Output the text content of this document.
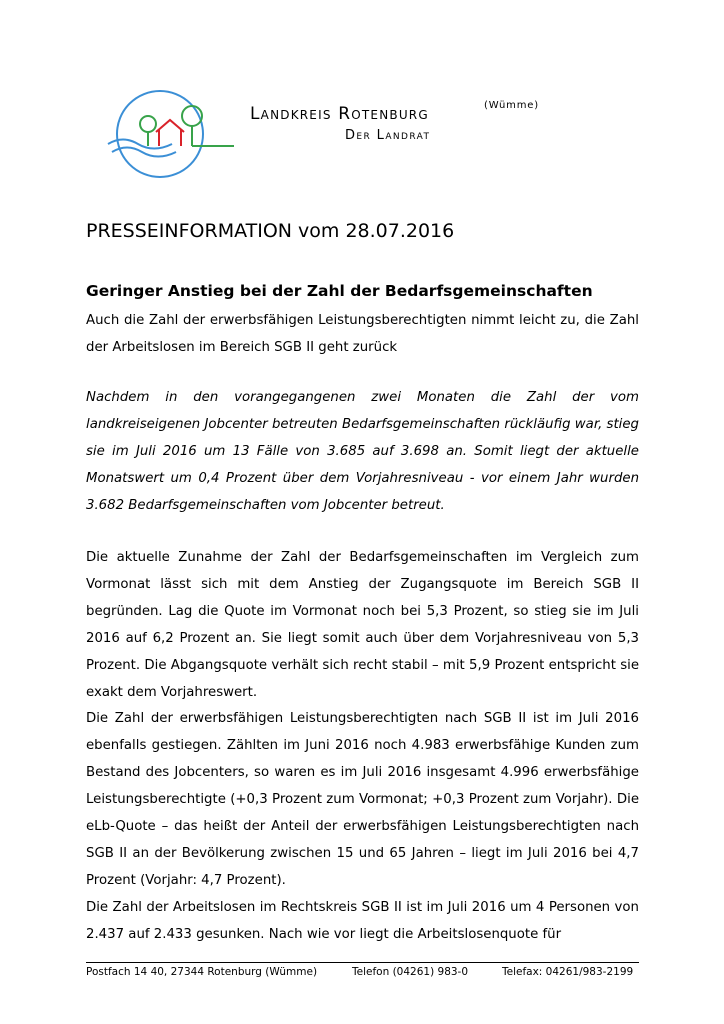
Landkreis Rotenburg	(Wümme)
Der Landrat
PRESSEINFORMATION vom 28.07.2016
Geringer Anstieg bei der Zahl der Bedarfsgemeinschaften
Auch die Zahl der erwerbsfähigen Leistungsberechtigten nimmt leicht zu, die Zahl der Arbeitslosen im Bereich SGB II geht zurück
Nachdem in den vorangegangenen zwei Monaten die Zahl der vom landkreiseigenen Jobcenter betreuten Bedarfsgemeinschaften rückläufig war, stieg sie im Juli 2016 um 13 Fälle von 3.685 auf 3.698 an. Somit liegt der aktuelle Monatswert um 0,4 Prozent über dem Vorjahresniveau - vor einem Jahr wurden 3.682 Bedarfsgemeinschaften vom Jobcenter betreut.

Die aktuelle Zunahme der Zahl der Bedarfsgemeinschaften im Vergleich zum Vormonat lässt sich mit dem Anstieg der Zugangsquote im Bereich SGB II begründen. Lag die Quote im Vormonat noch bei 5,3 Prozent, so stieg sie im Juli 2016 auf 6,2 Prozent an. Sie liegt somit auch über dem Vorjahresniveau von 5,3 Prozent. Die Abgangsquote verhält sich recht stabil – mit 5,9 Prozent entspricht sie exakt dem Vorjahreswert.

Die Zahl der erwerbsfähigen Leistungsberechtigten nach SGB II ist im Juli 2016 ebenfalls gestiegen. Zählten im Juni 2016 noch 4.983 erwerbsfähige Kunden zum Bestand des Jobcenters, so waren es im Juli 2016 insgesamt 4.996 erwerbsfähige Leistungsberechtigte (+0,3 Prozent zum Vormonat; +0,3 Prozent zum Vorjahr). Die eLb-Quote – das heißt der Anteil der erwerbsfähigen Leistungsberechtigten nach SGB II an der Bevölkerung zwischen 15 und 65 Jahren – liegt im Juli 2016 bei 4,7 Prozent (Vorjahr: 4,7 Prozent).

Die Zahl der Arbeitslosen im Rechtskreis SGB II ist im Juli 2016 um 4 Personen von 2.437 auf 2.433 gesunken. Nach wie vor liegt die Arbeitslosenquote für

Postfach 14 40, 27344 Rotenburg (Wümme)	Telefon (04261) 983-0	Telefax: 04261/983-2199
